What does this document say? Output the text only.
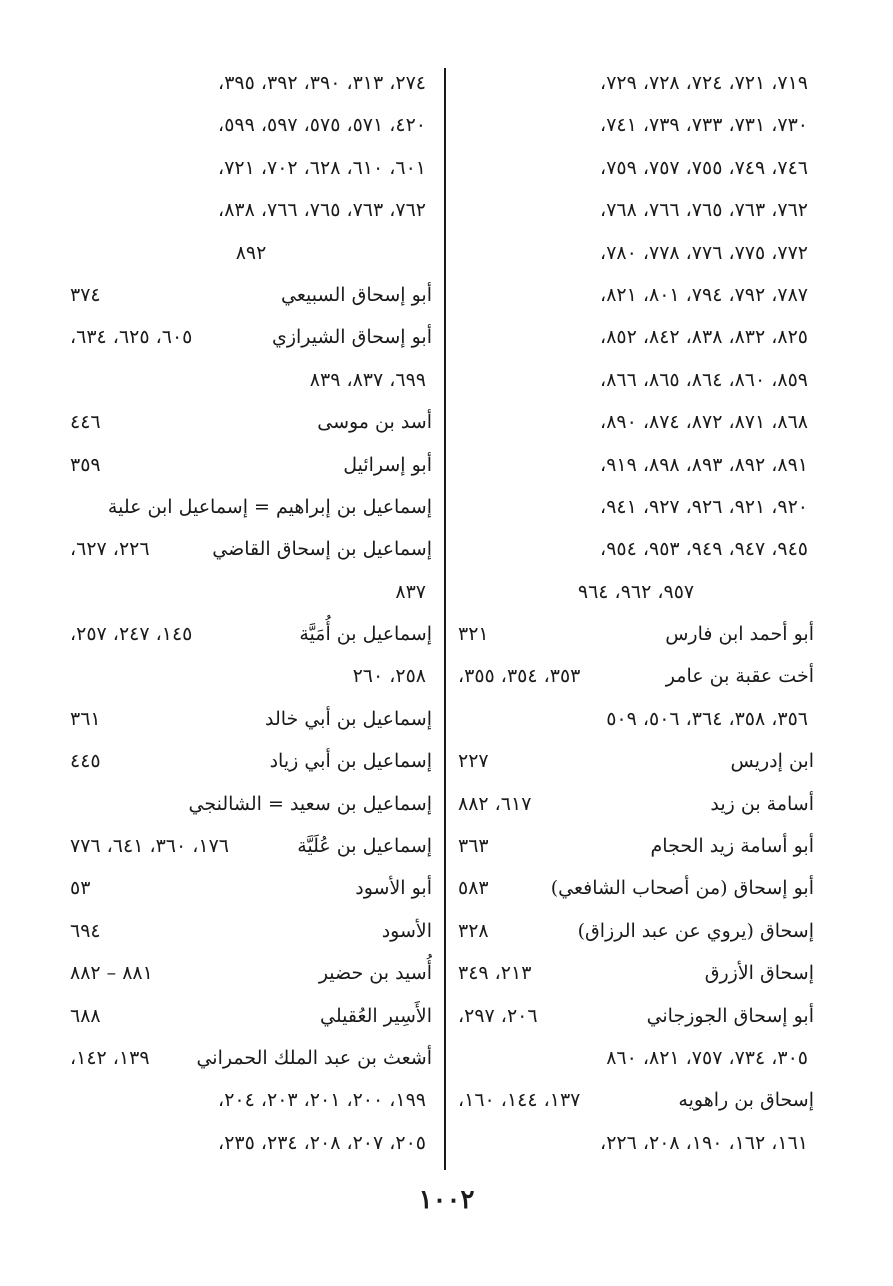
٧١٩، ٧٢١، ٧٢٤، ٧٢٨، ٧٢٩،
٧٣٠، ٧٣١، ٧٣٣، ٧٣٩، ٧٤١،
٧٤٦، ٧٤٩، ٧٥٥، ٧٥٧، ٧٥٩،
٧٦٢، ٧٦٣، ٧٦٥، ٧٦٦، ٧٦٨،
٧٧٢، ٧٧٥، ٧٧٦، ٧٧٨، ٧٨٠،
٧٨٧، ٧٩٢، ٧٩٤، ٨٠١، ٨٢١،
٨٢٥، ٨٣٢، ٨٣٨، ٨٤٢، ٨٥٢،
٨٥٩، ٨٦٠، ٨٦٤، ٨٦٥، ٨٦٦،
٨٦٨، ٨٧١، ٨٧٢، ٨٧٤، ٨٩٠،
٨٩١، ٨٩٢، ٨٩٣، ٨٩٨، ٩١٩،
٩٢٠، ٩٢١، ٩٢٦، ٩٢٧، ٩٤١،
٩٤٥، ٩٤٧، ٩٤٩، ٩٥٣، ٩٥٤،
٩٥٧، ٩٦٢، ٩٦٤
أبو أحمد ابن فارس
٣٢١
أخت عقبة بن عامر
٣٥٣، ٣٥٤، ٣٥٥،
٣٥٦، ٣٥٨، ٣٦٤، ٥٠٦، ٥٠٩
ابن إدريس
٢٢٧
أسامة بن زيد
٦١٧، ٨٨٢
أبو أسامة زيد الحجام
٣٦٣
أبو إسحاق (من أصحاب الشافعي)
٥٨٣
إسحاق (يروي عن عبد الرزاق)
٣٢٨
إسحاق الأزرق
٢١٣، ٣٤٩
أبو إسحاق الجوزجاني
٢٠٦، ٢٩٧،
٣٠٥، ٧٣٤، ٧٥٧، ٨٢١، ٨٦٠
إسحاق بن راهويه
١٣٧، ١٤٤، ١٦٠،
١٦١، ١٦٢، ١٩٠، ٢٠٨، ٢٢٦،
٢٧٤، ٣١٣، ٣٩٠، ٣٩٢، ٣٩٥،
٤٢٠، ٥٧١، ٥٧٥، ٥٩٧، ٥٩٩،
٦٠١، ٦١٠، ٦٢٨، ٧٠٢، ٧٢١،
٧٦٢، ٧٦٣، ٧٦٥، ٧٦٦، ٨٣٨،
٨٩٢
أبو إسحاق السبيعي
٣٧٤
أبو إسحاق الشيرازي
٦٠٥، ٦٢٥، ٦٣٤،
٦٩٩، ٨٣٧، ٨٣٩
أسد بن موسى
٤٤٦
أبو إسرائيل
٣٥٩
إسماعيل بن إبراهيم = إسماعيل ابن علية
إسماعيل بن إسحاق القاضي
٢٢٦، ٦٢٧،
٨٣٧
إسماعيل بن أُمَيَّة
١٤٥، ٢٤٧، ٢٥٧،
٢٥٨، ٢٦٠
إسماعيل بن أبي خالد
٣٦١
إسماعيل بن أبي زياد
٤٤٥
إسماعيل بن سعيد = الشالنجي
إسماعيل بن عُلَيَّة
١٧٦، ٣٦٠، ٦٤١، ٧٧٦
أبو الأسود
٥٣
الأسود
٦٩٤
أُسيد بن حضير
٨٨١ – ٨٨٢
الأَسِير العُقيلي
٦٨٨
أشعث بن عبد الملك الحمراني
١٣٩، ١٤٢،
١٩٩، ٢٠٠، ٢٠١، ٢٠٣، ٢٠٤،
٢٠٥، ٢٠٧، ٢٠٨، ٢٣٤، ٢٣٥،
١٠٠٢
